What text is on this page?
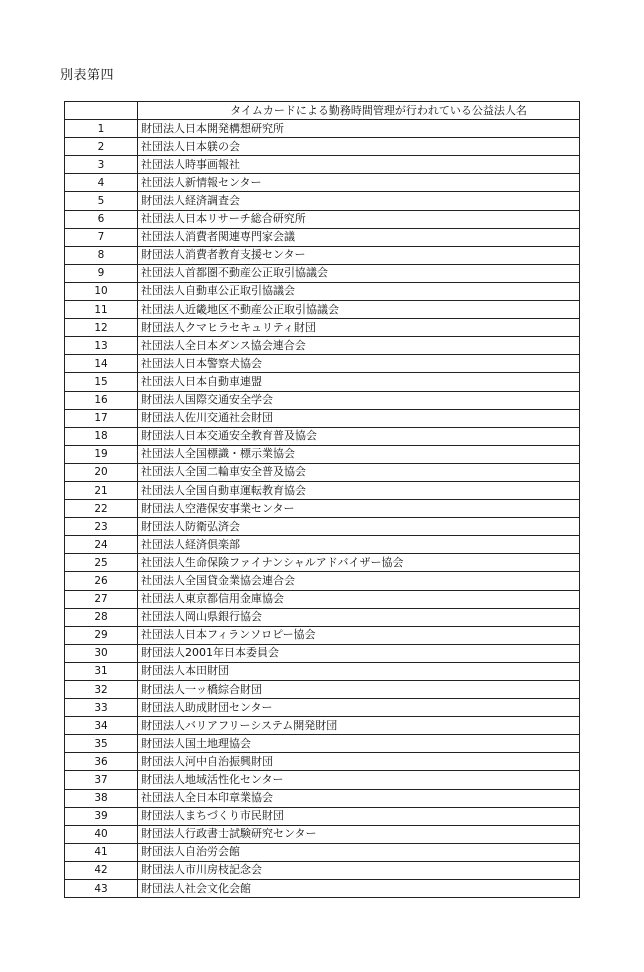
別表第四
	タイムカードによる勤務時間管理が行われている公益法人名
1	財団法人日本開発構想研究所
2	社団法人日本躾の会
3	社団法人時事画報社
4	社団法人新情報センター
5	財団法人経済調査会
6	社団法人日本リサーチ総合研究所
7	社団法人消費者関連専門家会議
8	財団法人消費者教育支援センター
9	社団法人首都圏不動産公正取引協議会
10	社団法人自動車公正取引協議会
11	社団法人近畿地区不動産公正取引協議会
12	財団法人クマヒラセキュリティ財団
13	社団法人全日本ダンス協会連合会
14	社団法人日本警察犬協会
15	社団法人日本自動車連盟
16	財団法人国際交通安全学会
17	財団法人佐川交通社会財団
18	財団法人日本交通安全教育普及協会
19	社団法人全国標識・標示業協会
20	社団法人全国二輪車安全普及協会
21	社団法人全国自動車運転教育協会
22	財団法人空港保安事業センター
23	財団法人防衛弘済会
24	社団法人経済倶楽部
25	社団法人生命保険ファイナンシャルアドバイザー協会
26	社団法人全国貸金業協会連合会
27	社団法人東京都信用金庫協会
28	社団法人岡山県銀行協会
29	社団法人日本フィランソロピー協会
30	財団法人2001年日本委員会
31	財団法人本田財団
32	財団法人一ッ橋綜合財団
33	財団法人助成財団センター
34	財団法人バリアフリーシステム開発財団
35	財団法人国土地理協会
36	財団法人河中自治振興財団
37	財団法人地域活性化センター
38	社団法人全日本印章業協会
39	財団法人まちづくり市民財団
40	財団法人行政書士試験研究センター
41	財団法人自治労会館
42	財団法人市川房枝記念会
43	財団法人社会文化会館
